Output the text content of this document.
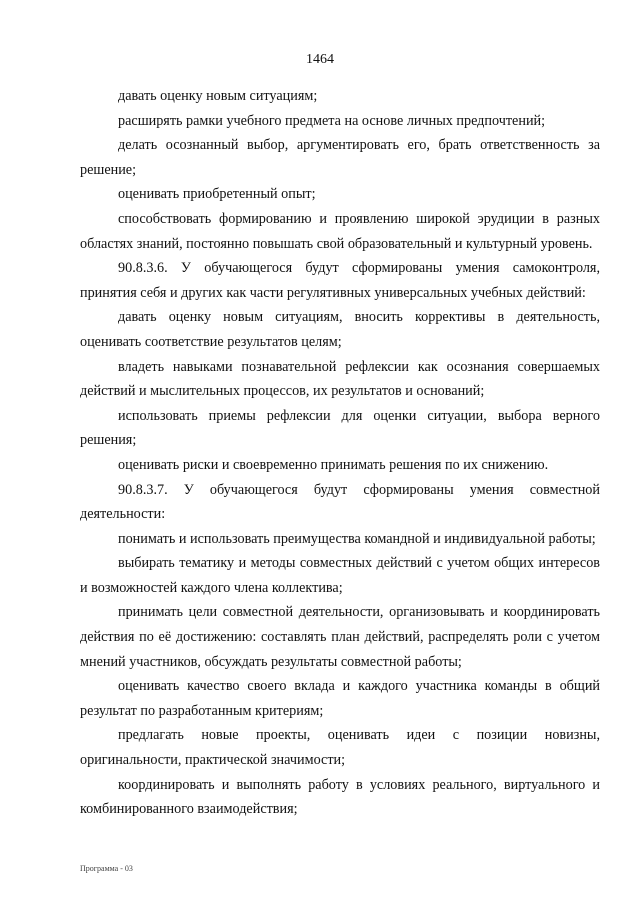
1464

давать оценку новым ситуациям;

расширять рамки учебного предмета на основе личных предпочтений;

делать осознанный выбор, аргументировать его, брать ответственность за решение;

оценивать приобретенный опыт;

способствовать формированию и проявлению широкой эрудиции в разных областях знаний, постоянно повышать свой образовательный и культурный уровень.

90.8.3.6. У обучающегося будут сформированы умения самоконтроля, принятия себя и других как части регулятивных универсальных учебных действий:

давать оценку новым ситуациям, вносить коррективы в деятельность, оценивать соответствие результатов целям;

владеть навыками познавательной рефлексии как осознания совершаемых действий и мыслительных процессов, их результатов и оснований;

использовать приемы рефлексии для оценки ситуации, выбора верного решения;

оценивать риски и своевременно принимать решения по их снижению.

90.8.3.7. У обучающегося будут сформированы умения совместной деятельности:

понимать и использовать преимущества командной и индивидуальной работы;

выбирать тематику и методы совместных действий с учетом общих интересов и возможностей каждого члена коллектива;

принимать цели совместной деятельности, организовывать и координировать действия по её достижению: составлять план действий, распределять роли с учетом мнений участников, обсуждать результаты совместной работы;

оценивать качество своего вклада и каждого участника команды в общий результат по разработанным критериям;

предлагать новые проекты, оценивать идеи с позиции новизны, оригинальности, практической значимости;

координировать и выполнять работу в условиях реального, виртуального и комбинированного взаимодействия;

Программа - 03
